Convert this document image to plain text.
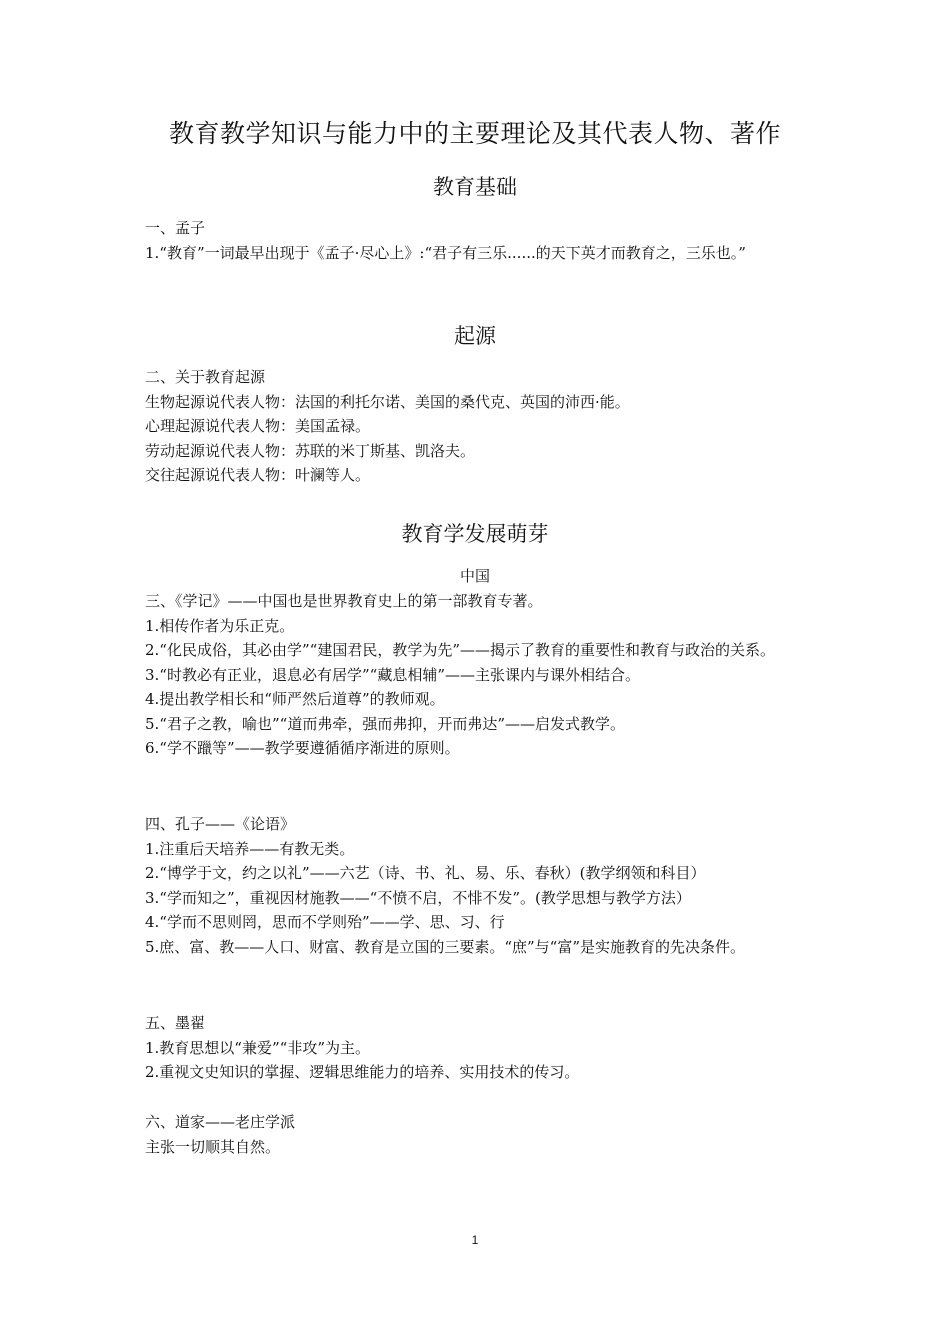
教育教学知识与能力中的主要理论及其代表人物、著作
教育基础

一、孟子

1.“教育”一词最早出现于《孟子·尽心上》:“君子有三乐......的天下英才而教育之，三乐也。”

起源

二、关于教育起源

生物起源说代表人物：法国的利托尔诺、美国的桑代克、英国的沛西·能。

心理起源说代表人物：美国孟禄。

劳动起源说代表人物：苏联的米丁斯基、凯洛夫。

交往起源说代表人物：叶澜等人。

教育学发展萌芽
中国

三、《学记》——中国也是世界教育史上的第一部教育专著。

1.相传作者为乐正克。

2.“化民成俗，其必由学”“建国君民，教学为先”——揭示了教育的重要性和教育与政治的关系。

3.“时教必有正业，退息必有居学”“藏息相辅”——主张课内与课外相结合。

4.提出教学相长和“师严然后道尊”的教师观。

5.“君子之教，喻也”“道而弗牵，强而弗抑，开而弗达”——启发式教学。

6.“学不躐等”——教学要遵循循序渐进的原则。

四、孔子——《论语》

1.注重后天培养——有教无类。

2.“博学于文，约之以礼”——六艺（诗、书、礼、易、乐、春秋）(教学纲领和科目）

3.“学而知之”，重视因材施教——“不愤不启，不悱不发”。(教学思想与教学方法）

4.“学而不思则罔，思而不学则殆”——学、思、习、行

5.庶、富、教——人口、财富、教育是立国的三要素。“庶”与“富”是实施教育的先决条件。

五、墨翟

1.教育思想以“兼爱”“非攻”为主。

2.重视文史知识的掌握、逻辑思维能力的培养、实用技术的传习。

六、道家——老庄学派

主张一切顺其自然。

1
